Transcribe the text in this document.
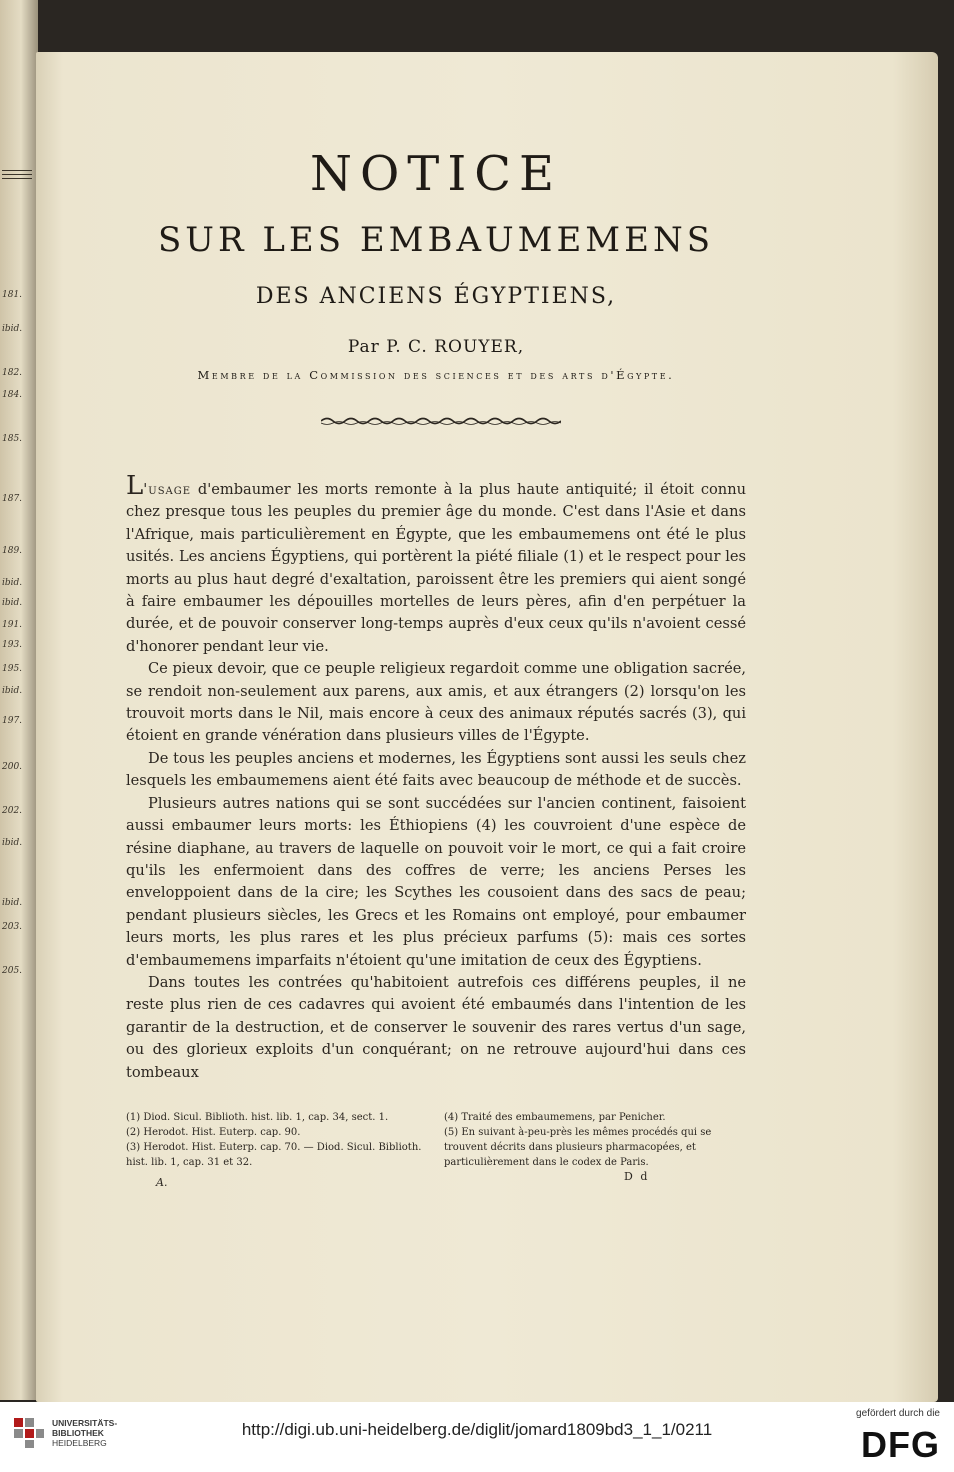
181.
ibid.
182.
184.
185.
187.
189.
ibid.
ibid.
191.
193.
195.
ibid.
197.
200.
202.
ibid.
ibid.
203.
205.
NOTICE
SUR LES EMBAUMEMENS
DES ANCIENS ÉGYPTIENS,
Par P. C. ROUYER,
Membre de la Commission des sciences et des arts d'Égypte.

L'usage d'embaumer les morts remonte à la plus haute antiquité; il étoit connu chez presque tous les peuples du premier âge du monde. C'est dans l'Asie et dans l'Afrique, mais particulièrement en Égypte, que les embaumemens ont été le plus usités. Les anciens Égyptiens, qui portèrent la piété filiale (1) et le respect pour les morts au plus haut degré d'exaltation, paroissent être les premiers qui aient songé à faire embaumer les dépouilles mortelles de leurs pères, afin d'en perpétuer la durée, et de pouvoir conserver long-temps auprès d'eux ceux qu'ils n'avoient cessé d'honorer pendant leur vie.

Ce pieux devoir, que ce peuple religieux regardoit comme une obligation sacrée, se rendoit non-seulement aux parens, aux amis, et aux étrangers (2) lorsqu'on les trouvoit morts dans le Nil, mais encore à ceux des animaux réputés sacrés (3), qui étoient en grande vénération dans plusieurs villes de l'Égypte.

De tous les peuples anciens et modernes, les Égyptiens sont aussi les seuls chez lesquels les embaumemens aient été faits avec beaucoup de méthode et de succès.

Plusieurs autres nations qui se sont succédées sur l'ancien continent, faisoient aussi embaumer leurs morts: les Éthiopiens (4) les couvroient d'une espèce de résine diaphane, au travers de laquelle on pouvoit voir le mort, ce qui a fait croire qu'ils les enfermoient dans des coffres de verre; les anciens Perses les enveloppoient dans de la cire; les Scythes les cousoient dans des sacs de peau; pendant plusieurs siècles, les Grecs et les Romains ont employé, pour embaumer leurs morts, les plus rares et les plus précieux parfums (5): mais ces sortes d'embaumemens imparfaits n'étoient qu'une imitation de ceux des Égyptiens.

Dans toutes les contrées qu'habitoient autrefois ces différens peuples, il ne reste plus rien de ces cadavres qui avoient été embaumés dans l'intention de les garantir de la destruction, et de conserver le souvenir des rares vertus d'un sage, ou des glorieux exploits d'un conquérant; on ne retrouve aujourd'hui dans ces tombeaux

(1) Diod. Sicul. Biblioth. hist. lib. 1, cap. 34, sect. 1.
(2) Herodot. Hist. Euterp. cap. 90.
(3) Herodot. Hist. Euterp. cap. 70. — Diod. Sicul. Biblioth. hist. lib. 1, cap. 31 et 32.
(4) Traité des embaumemens, par Penicher.
(5) En suivant à-peu-près les mêmes procédés qui se trouvent décrits dans plusieurs pharmacopées, et particulièrement dans le codex de Paris.
A.	D d
UNIVERSITÄTS-
BIBLIOTHEK
HEIDELBERG
http://digi.ub.uni-heidelberg.de/diglit/jomard1809bd3_1_1/0211
gefördert durch die
DFG
